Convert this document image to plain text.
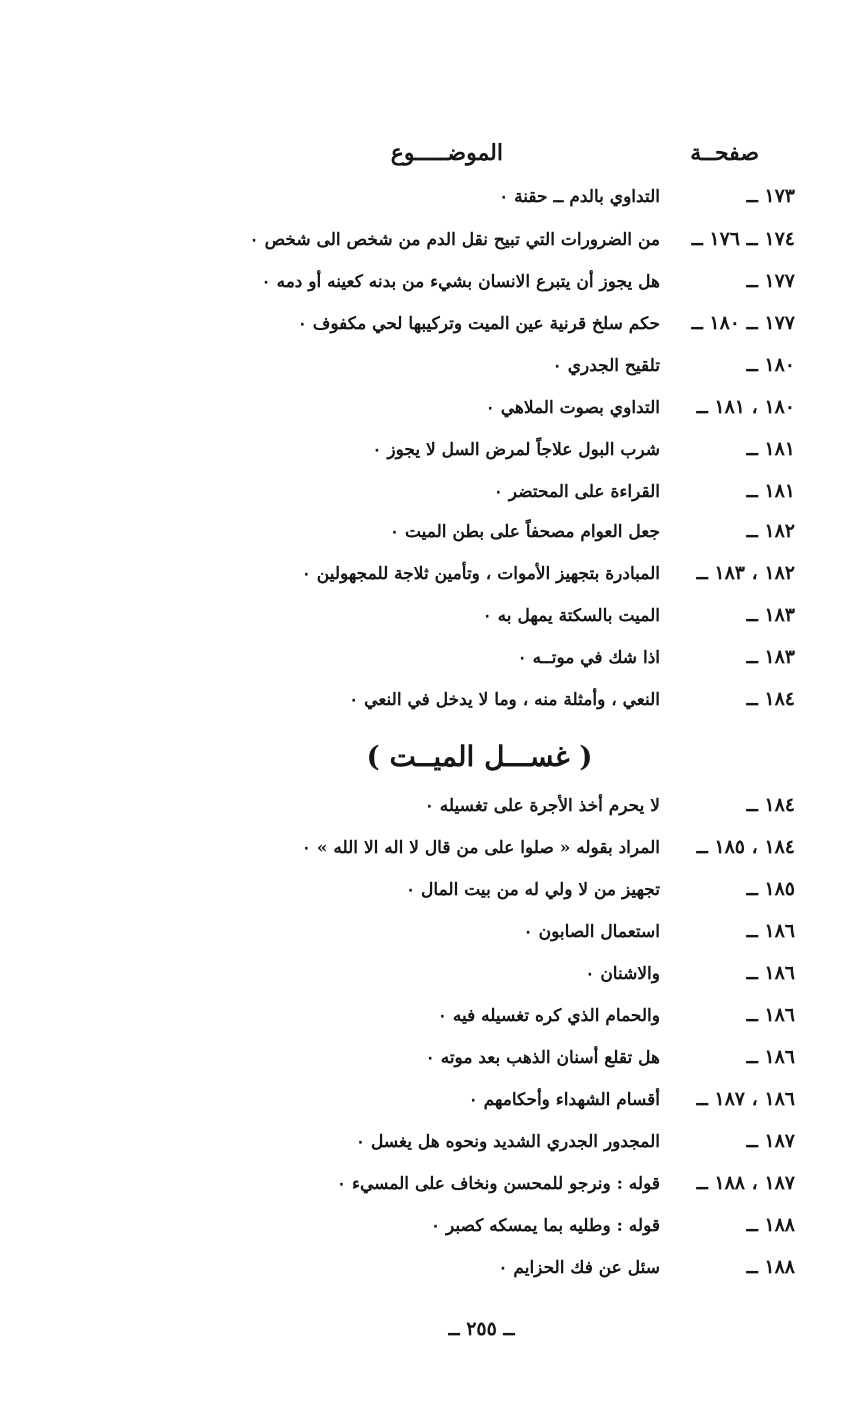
صفحــة
الموضـــــوع
١٧٣ ــ
التداوي بالدم ــ حقنة ٠
١٧٤ ــ ١٧٦ ــ
من الضرورات التي تبيح نقل الدم من شخص الى شخص ٠
١٧٧ ــ
هل يجوز أن يتبرع الانسان بشيء من بدنه كعينه أو دمه ٠
١٧٧ ــ ١٨٠ ــ
حكم سلخ قرنية عين الميت وتركيبها لحي مكفوف ٠
١٨٠ ــ
تلقيح الجدري ٠
١٨٠ ، ١٨١ ــ
التداوي بصوت الملاهي ٠
١٨١ ــ
شرب البول علاجاً لمرض السل لا يجوز ٠
١٨١ ــ
القراءة على المحتضر ٠
١٨٢ ــ
جعل العوام مصحفاً على بطن الميت ٠
١٨٢ ، ١٨٣ ــ
المبادرة بتجهيز الأموات ، وتأمين ثلاجة للمجهولين ٠
١٨٣ ــ
الميت بالسكتة يمهل به ٠
١٨٣ ــ
اذا شك في موتــه ٠
١٨٤ ــ
النعي ، وأمثلة منه ، وما لا يدخل في النعي ٠
( غســـل الميــت )
١٨٤ ــ
لا يحرم أخذ الأجرة على تغسيله ٠
١٨٤ ، ١٨٥ ــ
المراد بقوله « صلوا على من قال لا اله الا الله » ٠
١٨٥ ــ
تجهيز من لا ولي له من بيت المال ٠
١٨٦ ــ
استعمال الصابون ٠
١٨٦ ــ
والاشنان ٠
١٨٦ ــ
والحمام الذي كره تغسيله فيه ٠
١٨٦ ــ
هل تقلع أسنان الذهب بعد موته ٠
١٨٦ ، ١٨٧ ــ
أقسام الشهداء وأحكامهم ٠
١٨٧ ــ
المجدور الجدري الشديد ونحوه هل يغسل ٠
١٨٧ ، ١٨٨ ــ
قوله : ونرجو للمحسن ونخاف على المسيء ٠
١٨٨ ــ
قوله : وطليه بما يمسكه كصبر ٠
١٨٨ ــ
سئل عن فك الحزايم ٠
ــ ٢٥٥ ــ
